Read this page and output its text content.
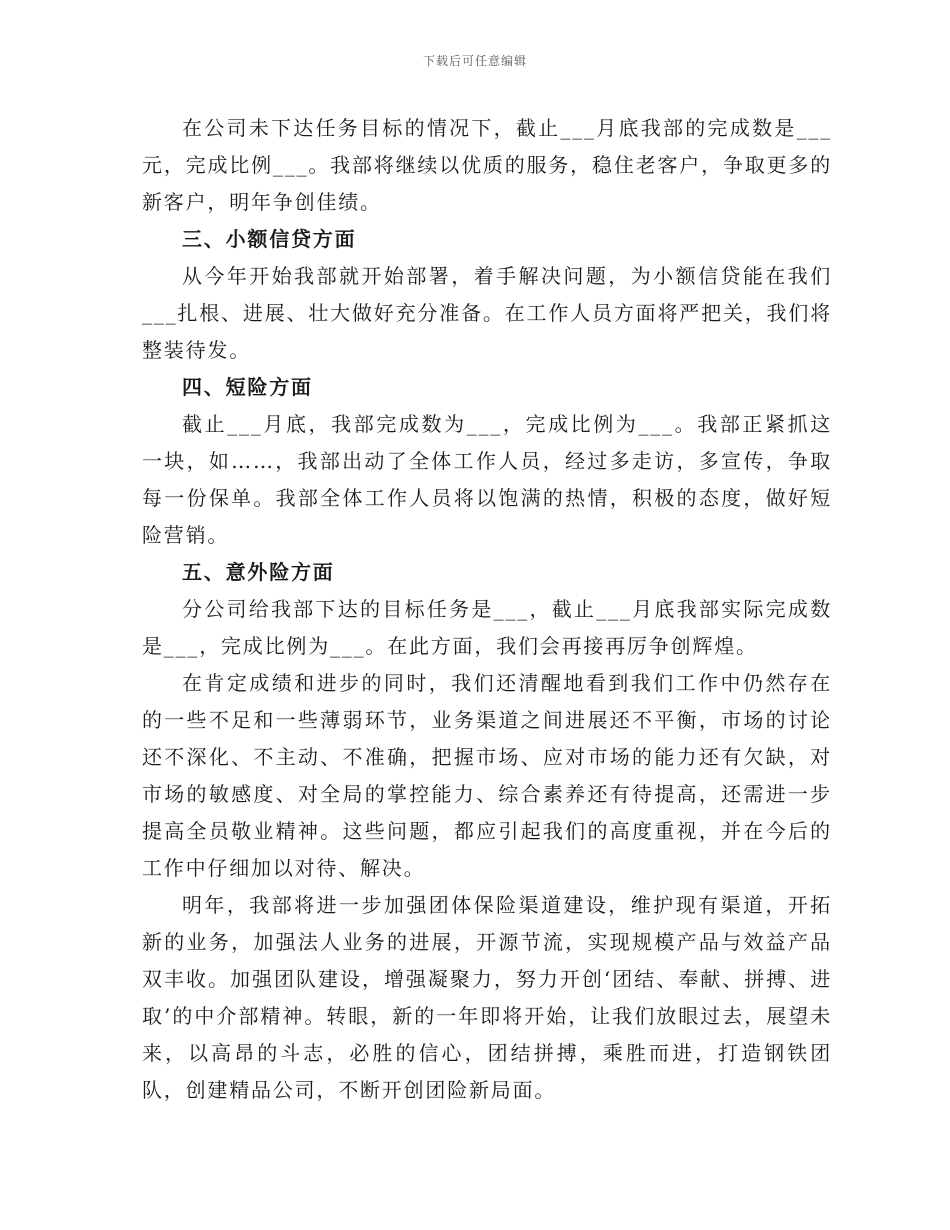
下载后可任意编辑

在公司未下达任务目标的情况下，截止___月底我部的完成数是___元，完成比例___。我部将继续以优质的服务，稳住老客户，争取更多的新客户，明年争创佳绩。

三、小额信贷方面

从今年开始我部就开始部署，着手解决问题，为小额信贷能在我们___扎根、进展、壮大做好充分准备。在工作人员方面将严把关，我们将整装待发。

四、短险方面

截止___月底，我部完成数为___，完成比例为___。我部正紧抓这一块，如……，我部出动了全体工作人员，经过多走访，多宣传，争取每一份保单。我部全体工作人员将以饱满的热情，积极的态度，做好短险营销。

五、意外险方面

分公司给我部下达的目标任务是___，截止___月底我部实际完成数是___，完成比例为___。在此方面，我们会再接再厉争创辉煌。

在肯定成绩和进步的同时，我们还清醒地看到我们工作中仍然存在的一些不足和一些薄弱环节，业务渠道之间进展还不平衡，市场的讨论还不深化、不主动、不准确，把握市场、应对市场的能力还有欠缺，对市场的敏感度、对全局的掌控能力、综合素养还有待提高，还需进一步提高全员敬业精神。这些问题，都应引起我们的高度重视，并在今后的工作中仔细加以对待、解决。

明年，我部将进一步加强团体保险渠道建设，维护现有渠道，开拓新的业务，加强法人业务的进展，开源节流，实现规模产品与效益产品双丰收。加强团队建设，增强凝聚力，努力开创‘团结、奉献、拼搏、进取’的中介部精神。转眼，新的一年即将开始，让我们放眼过去，展望未来，以高昂的斗志，必胜的信心，团结拼搏，乘胜而进，打造钢铁团队，创建精品公司，不断开创团险新局面。
